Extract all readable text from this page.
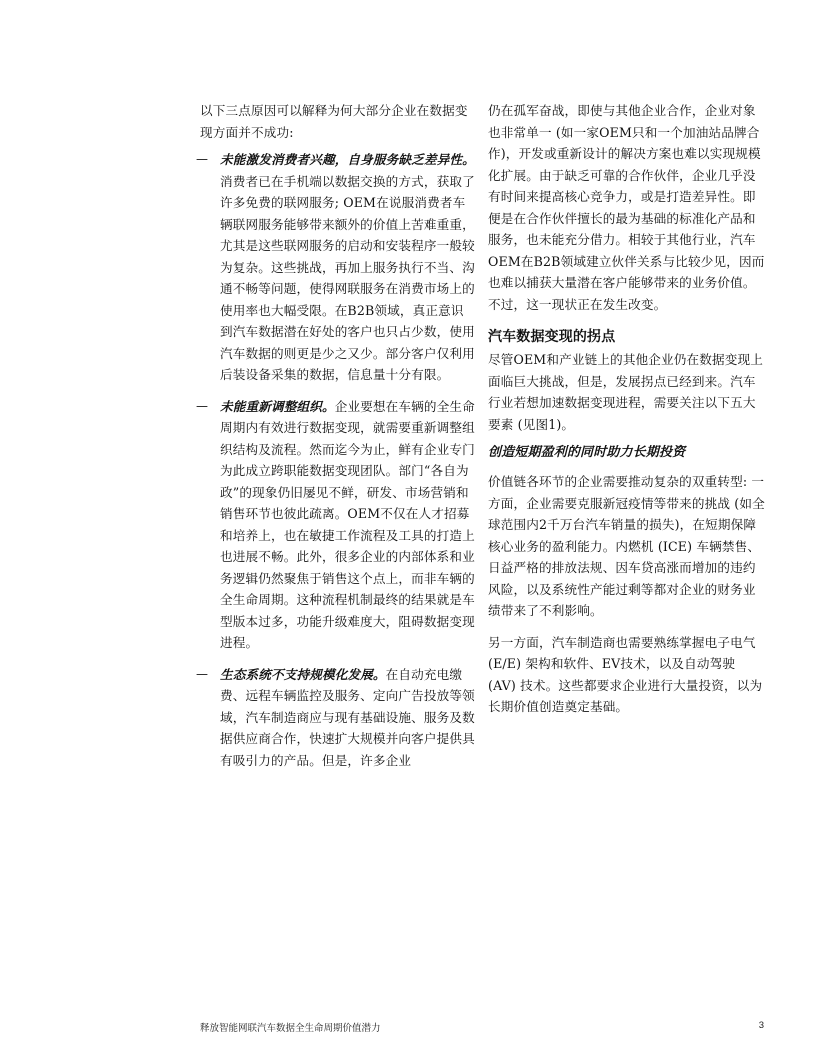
以下三点原因可以解释为何大部分企业在数据变现方面并不成功:

— 未能激发消费者兴趣，自身服务缺乏差异性。消费者已在手机端以数据交换的方式，获取了许多免费的联网服务; OEM在说服消费者车辆联网服务能够带来额外的价值上苦难重重，尤其是这些联网服务的启动和安装程序一般较为复杂。这些挑战，再加上服务执行不当、沟通不畅等问题，使得网联服务在消费市场上的使用率也大幅受限。在B2B领域，真正意识到汽车数据潜在好处的客户也只占少数，使用汽车数据的则更是少之又少。部分客户仅利用后装设备采集的数据，信息量十分有限。

— 未能重新调整组织。企业要想在车辆的全生命周期内有效进行数据变现，就需要重新调整组织结构及流程。然而迄今为止，鲜有企业专门为此成立跨职能数据变现团队。部门“各自为政”的现象仍旧屡见不鲜，研发、市场营销和销售环节也彼此疏离。OEM不仅在人才招募和培养上，也在敏捷工作流程及工具的打造上也进展不畅。此外，很多企业的内部体系和业务逻辑仍然聚焦于销售这个点上，而非车辆的全生命周期。这种流程机制最终的结果就是车型版本过多，功能升级难度大，阻碍数据变现进程。

— 生态系统不支持规模化发展。在自动充电缴费、远程车辆监控及服务、定向广告投放等领域，汽车制造商应与现有基础设施、服务及数据供应商合作，快速扩大规模并向客户提供具有吸引力的产品。但是，许多企业

仍在孤军奋战，即使与其他企业合作，企业对象也非常单一 (如一家OEM只和一个加油站品牌合作)，开发或重新设计的解决方案也难以实现规模化扩展。由于缺乏可靠的合作伙伴，企业几乎没有时间来提高核心竞争力，或是打造差异性。即便是在合作伙伴擅长的最为基础的标准化产品和服务，也未能充分借力。相较于其他行业，汽车OEM在B2B领域建立伙伴关系与比较少见，因而也难以捕获大量潜在客户能够带来的业务价值。不过，这一现状正在发生改变。

汽车数据变现的拐点

尽管OEM和产业链上的其他企业仍在数据变现上面临巨大挑战，但是，发展拐点已经到来。汽车行业若想加速数据变现进程，需要关注以下五大要素 (见图1)。

创造短期盈利的同时助力长期投资

价值链各环节的企业需要推动复杂的双重转型: 一方面，企业需要克服新冠疫情等带来的挑战 (如全球范围内2千万台汽车销量的损失)，在短期保障核心业务的盈利能力。内燃机 (ICE) 车辆禁售、日益严格的排放法规、因车贷高涨而增加的违约风险，以及系统性产能过剩等都对企业的财务业绩带来了不利影响。

另一方面，汽车制造商也需要熟练掌握电子电气 (E/E) 架构和软件、EV技术，以及自动驾驶 (AV) 技术。这些都要求企业进行大量投资，以为长期价值创造奠定基础。

释放智能网联汽车数据全生命周期价值潜力	3
